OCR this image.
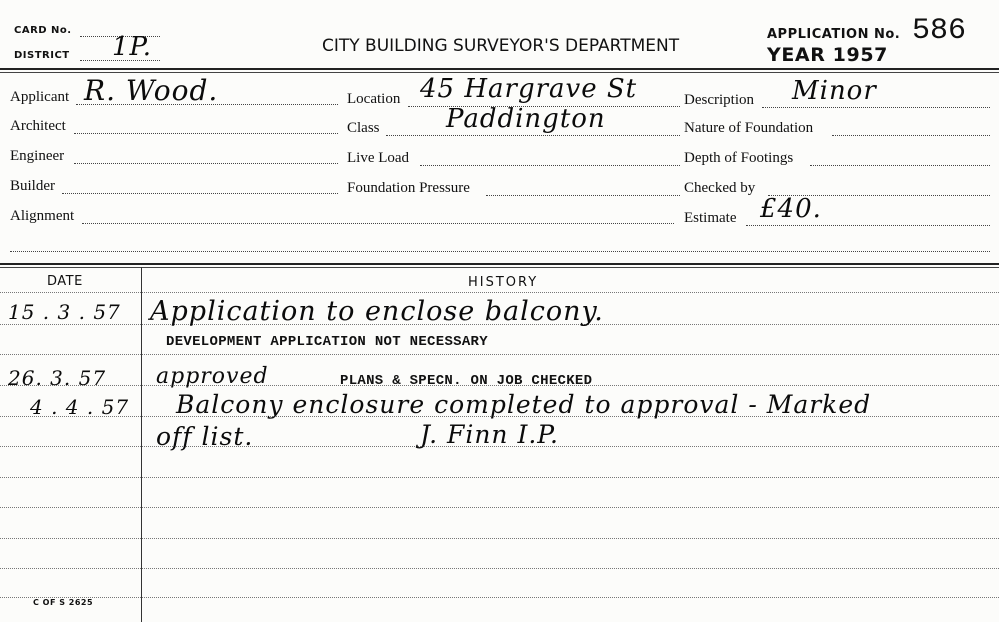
CARD No.
DISTRICT 1P.	CITY BUILDING SURVEYOR'S DEPARTMENT
APPLICATION No. 586
YEAR 1957
Applicant R. Wood.
Architect
Engineer
Builder
Alignment
Location 45 Hargrave St
Class	Paddington
Live Load
Foundation Pressure
Description Minor
Nature of Foundation
Depth of Footings
Checked by
Estimate £40.
DATE	HISTORY
15 . 3 . 57 Application to enclose balcony.
DEVELOPMENT APPLICATION NOT NECESSARY
26. 3. 57 approved	PLANS & SPECN. ON JOB CHECKED
4 . 4 . 57 Balcony enclosure completed to approval - Marked
off list.	J. Finn I.P.
C OF S 2625
